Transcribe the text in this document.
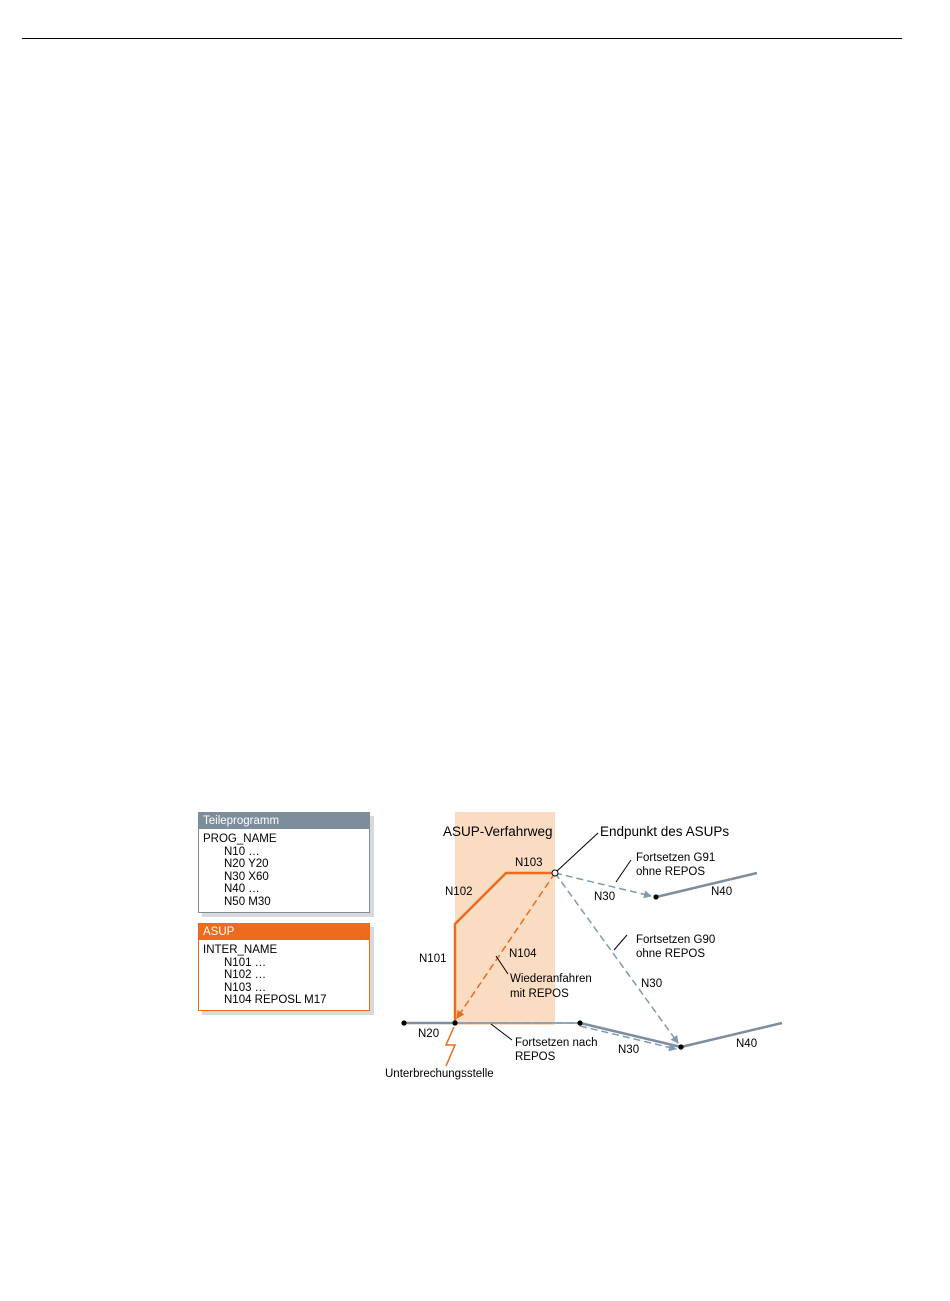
Teileprogramm
PROG_NAME
N10 …
N20 Y20
N30 X60
N40 …
N50 M30
ASUP
INTER_NAME
N101 …
N102 …
N103 …
N104 REPOSL M17
ASUP-Verfahrweg	Endpunkt des ASUPs
N103
N102
N101	N104
Wiederanfahren
mit REPOS
Fortsetzen G91
ohne REPOS
N30	N40
Fortsetzen G90
ohne REPOS
N30
N20
Fortsetzen nach
REPOS
N30	N40
Unterbrechungsstelle
